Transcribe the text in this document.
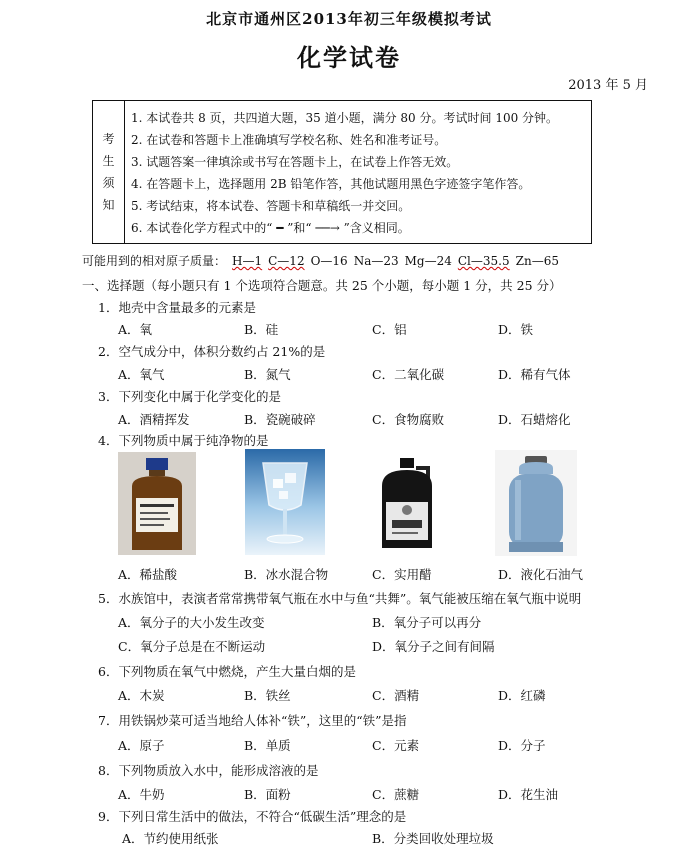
北京市通州区2013年初三年级模拟考试
化学试卷
2013 年 5 月
考
生
须
知
1. 本试卷共 8 页，共四道大题，35 道小题，满分 80 分。考试时间 100 分钟。
2. 在试卷和答题卡上准确填写学校名称、姓名和准考证号。
3. 试题答案一律填涂或书写在答题卡上，在试卷上作答无效。
4. 在答题卡上，选择题用 2B 铅笔作答，其他试题用黑色字迹签字笔作答。
5. 考试结束，将本试卷、答题卡和草稿纸一并交回。
6. 本试卷化学方程式中的“ ━ ”和“ ──→ ”含义相同。
可能用到的相对原子质量： H—1 C—12 O—16 Na—23 Mg—24 Cl—35.5 Zn—65
一、选择题（每小题只有 1 个选项符合题意。共 25 个小题，每小题 1 分，共 25 分）
1．地壳中含量最多的元素是
A．氧	B．硅	C．铝	D．铁
2．空气成分中，体积分数约占 21%的是
A．氧气	B．氮气	C．二氧化碳	D．稀有气体
3．下列变化中属于化学变化的是
A．酒精挥发	B．瓷碗破碎	C．食物腐败	D．石蜡熔化
4．下列物质中属于纯净物的是
A．稀盐酸	B．冰水混合物	C．实用醋	D．液化石油气
5．水族馆中，表演者常常携带氧气瓶在水中与鱼“共舞”。氧气能被压缩在氧气瓶中说明
A．氧分子的大小发生改变	B．氧分子可以再分
C．氧分子总是在不断运动	D．氧分子之间有间隔
6．下列物质在氧气中燃烧，产生大量白烟的是
A．木炭	B．铁丝	C．酒精	D．红磷
7．用铁锅炒菜可适当地给人体补“铁”，这里的“铁”是指
A．原子	B．单质	C．元素	D．分子
8．下列物质放入水中，能形成溶液的是
A．牛奶	B．面粉	C．蔗糖	D．花生油
9．下列日常生活中的做法，不符合“低碳生活”理念的是
A．节约使用纸张	B．分类回收处理垃圾
